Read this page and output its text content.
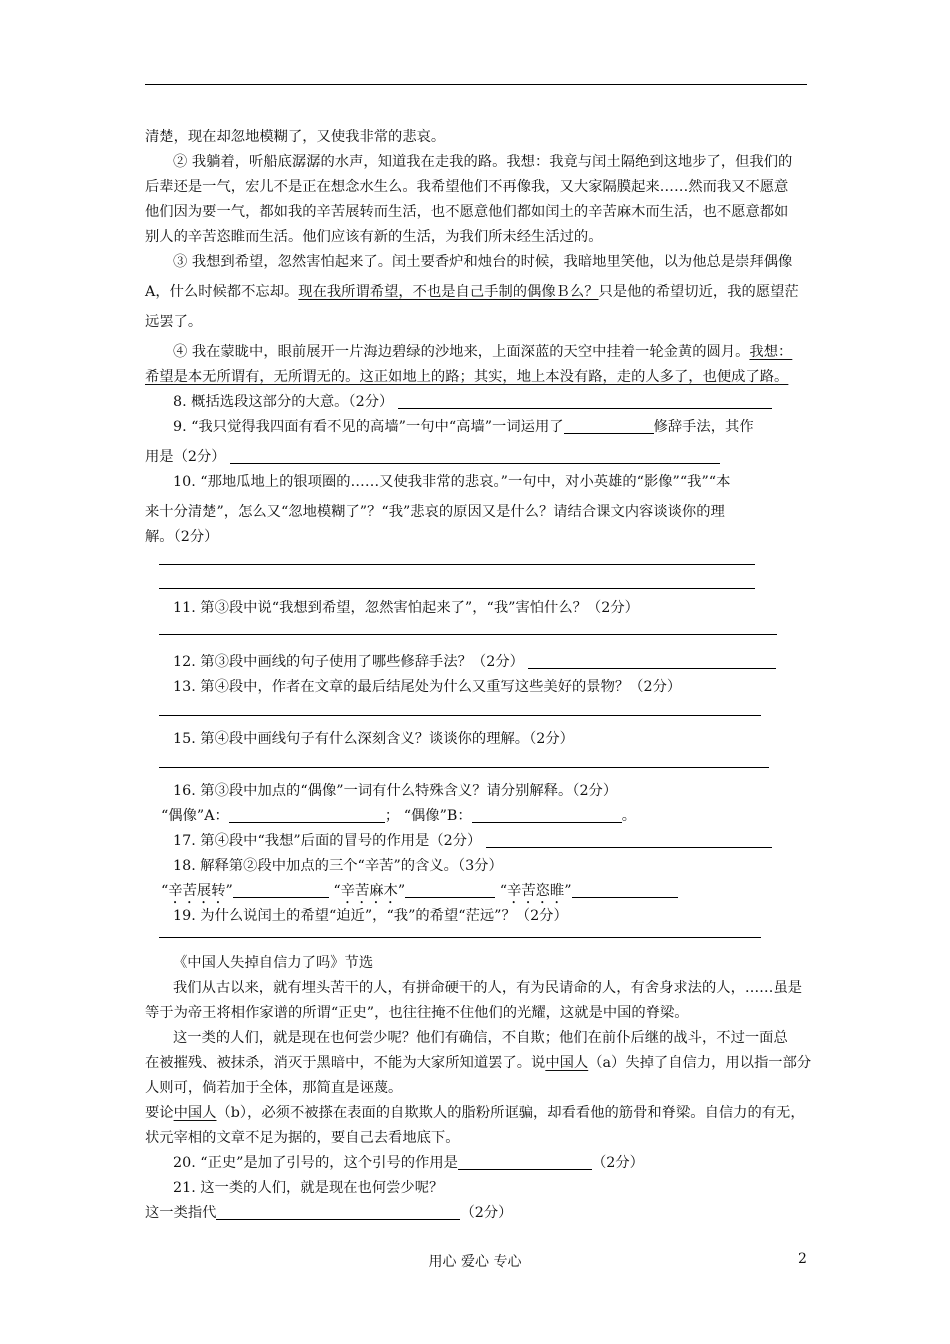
清楚，现在却忽地模糊了，又使我非常的悲哀。
② 我躺着，听船底潺潺的水声，知道我在走我的路。我想：我竟与闰土隔绝到这地步了，但我们的
后辈还是一气，宏儿不是正在想念水生么。我希望他们不再像我，又大家隔膜起来……然而我又不愿意
他们因为要一气，都如我的辛苦展转而生活，也不愿意他们都如闰土的辛苦麻木而生活，也不愿意都如
别人的辛苦恣睢而生活。他们应该有新的生活，为我们所未经生活过的。
③ 我想到希望，忽然害怕起来了。闰土要香炉和烛台的时候，我暗地里笑他，以为他总是崇拜偶像
A，什么时候都不忘却。现在我所谓希望，不也是自己手制的偶像Ｂ么？只是他的希望切近，我的愿望茫
远罢了。
④ 我在蒙眬中，眼前展开一片海边碧绿的沙地来，上面深蓝的天空中挂着一轮金黄的圆月。我想：
希望是本无所谓有，无所谓无的。这正如地上的路；其实，地上本没有路，走的人多了，也便成了路。
8. 概括选段这部分的大意。（2分）
9. “我只觉得我四面有看不见的高墙”一句中“高墙”一词运用了	修辞手法，其作
用是（2分）
10. “那地瓜地上的银项圈的……又使我非常的悲哀。”一句中，对小英雄的“影像”“我”“本
来十分清楚”，怎么又“忽地模糊了”？“我”悲哀的原因又是什么？请结合课文内容谈谈你的理
解。（2分）
11. 第③段中说“我想到希望，忽然害怕起来了”，“我”害怕什么？（2分）
12. 第③段中画线的句子使用了哪些修辞手法？（2分）
13. 第④段中，作者在文章的最后结尾处为什么又重写这些美好的景物？（2分）
15. 第④段中画线句子有什么深刻含义？谈谈你的理解。（2分）
16. 第③段中加点的“偶像”一词有什么特殊含义？请分别解释。（2分）
“偶像”A：	； “偶像”B：	。
17. 第④段中“我想”后面的冒号的作用是（2分）
18. 解释第②段中加点的三个“辛苦”的含义。（3分）
“辛苦展转”	“辛苦麻木”	“辛苦恣睢”
19. 为什么说闰土的希望“迫近”，“我”的希望“茫远”？（2分）
《中国人失掉自信力了吗》节选
我们从古以来，就有埋头苦干的人，有拼命硬干的人，有为民请命的人，有舍身求法的人，……虽是
等于为帝王将相作家谱的所谓“正史”，也往往掩不住他们的光耀，这就是中国的脊梁。
这一类的人们，就是现在也何尝少呢？他们有确信，不自欺；他们在前仆后继的战斗，不过一面总
在被摧残、被抹杀，消灭于黑暗中，不能为大家所知道罢了。说中国人（a）失掉了自信力，用以指一部分
人则可，倘若加于全体，那简直是诬蔑。
要论中国人（b），必须不被搽在表面的自欺欺人的脂粉所诓骗，却看看他的筋骨和脊梁。自信力的有无，
状元宰相的文章不足为据的，要自己去看地底下。
20. “正史”是加了引号的，这个引号的作用是	（2分）
21. 这一类的人们，就是现在也何尝少呢？
这一类指代	（2分）
用心 爱心 专心	2
